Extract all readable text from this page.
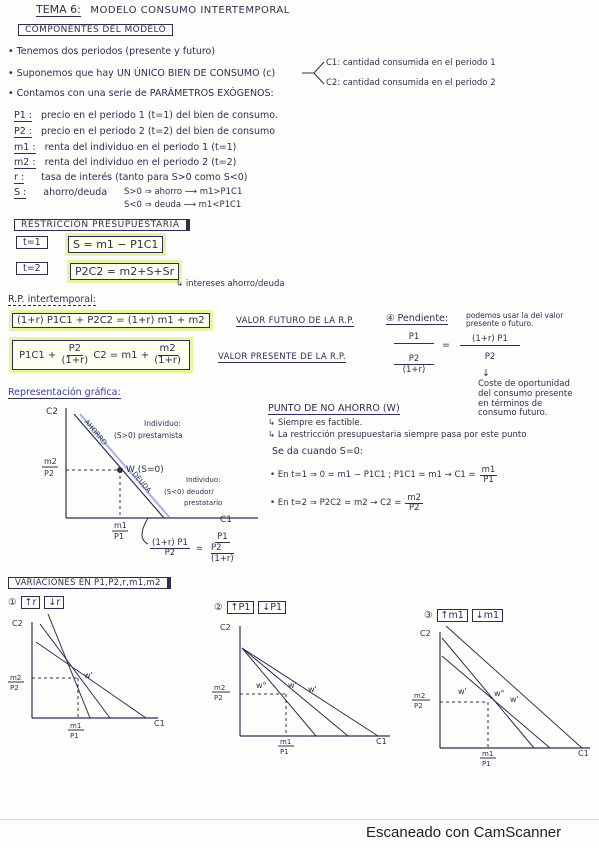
TEMA 6: MODELO CONSUMO INTERTEMPORAL
COMPONENTES DEL MODELO
• Tenemos dos periodos (presente y futuro)
• Suponemos que hay UN ÚNICO BIEN DE CONSUMO (c)
C1: cantidad consumida en el periodo 1
C2: cantidad consumida en el periodo 2
• Contamos con una serie de PARÁMETROS EXÓGENOS:
P1 : precio en el periodo 1 (t=1) del bien de consumo.
P2 : precio en el periodo 2 (t=2) del bien de consumo
m1 : renta del individuo en el periodo 1 (t=1)
m2 : renta del individuo en el periodo 2 (t=2)
r : tasa de interés (tanto para S>0 como S<0)
S : ahorro/deuda S>0 ⇒ ahorro ⟶ m1>P1C1
S<0 ⇒ deuda ⟶ m1<P1C1
RESTRICCIÓN PRESUPUESTARIA
t=1	S = m1 − P1C1
t=2	P2C2 = m2+S+Sr
↳ intereses ahorro/deuda
R.P. intertemporal:
(1+r) P1C1 + P2C2 = (1+r) m1 + m2	VALOR FUTURO DE LA R.P.
$P1C1 + \frac{P2}{(1+r)} C2 = m1 + \frac{m2}{(1+r)}$	VALOR PRESENTE DE LA R.P.
④ Pendiente: podemos usar la del valor presente o futuro.
P1
P2
(1+r)
= $\frac{(1+r) P1}{P2}$
↓
Coste de oportunidad
del consumo presente
en términos de
consumo futuro.
Representación gráfica:
C2
C1
W (S=0)
m2
P2
m1
P1
AHORRO
DEUDA
Individuo:
(S>0) prestamista
Individuo:
(S<0) deudor/
prestatario
$\frac{(1+r) P1}{P2} = P1$
P2
(1+r)
PUNTO DE NO AHORRO (W)
↳ Siempre es factible.
↳ La restricción presupuestaria siempre pasa por este punto
Se da cuando S=0:
• En t=1 ⇒ 0 = m1 − P1C1 ; $P1C1 = m1 \to C1 = \frac{m1}{P1}$
• En t=2 ⇒ $P2C2 = m2 \to C2 = \frac{m2}{P2}$
VARIACIONES EN P1,P2,r,m1,m2
① ↑r	↓r
C2
C1
w'
m2
P2
m1
P1
② ↑P1	↓P1
C2
C1
w°	w' w'
m2
P2
m1
P1
③ ↑m1	↓m1
C2
C1
w'	w°
w'
m2
P2
m1
P1
Escaneado con CamScanner
